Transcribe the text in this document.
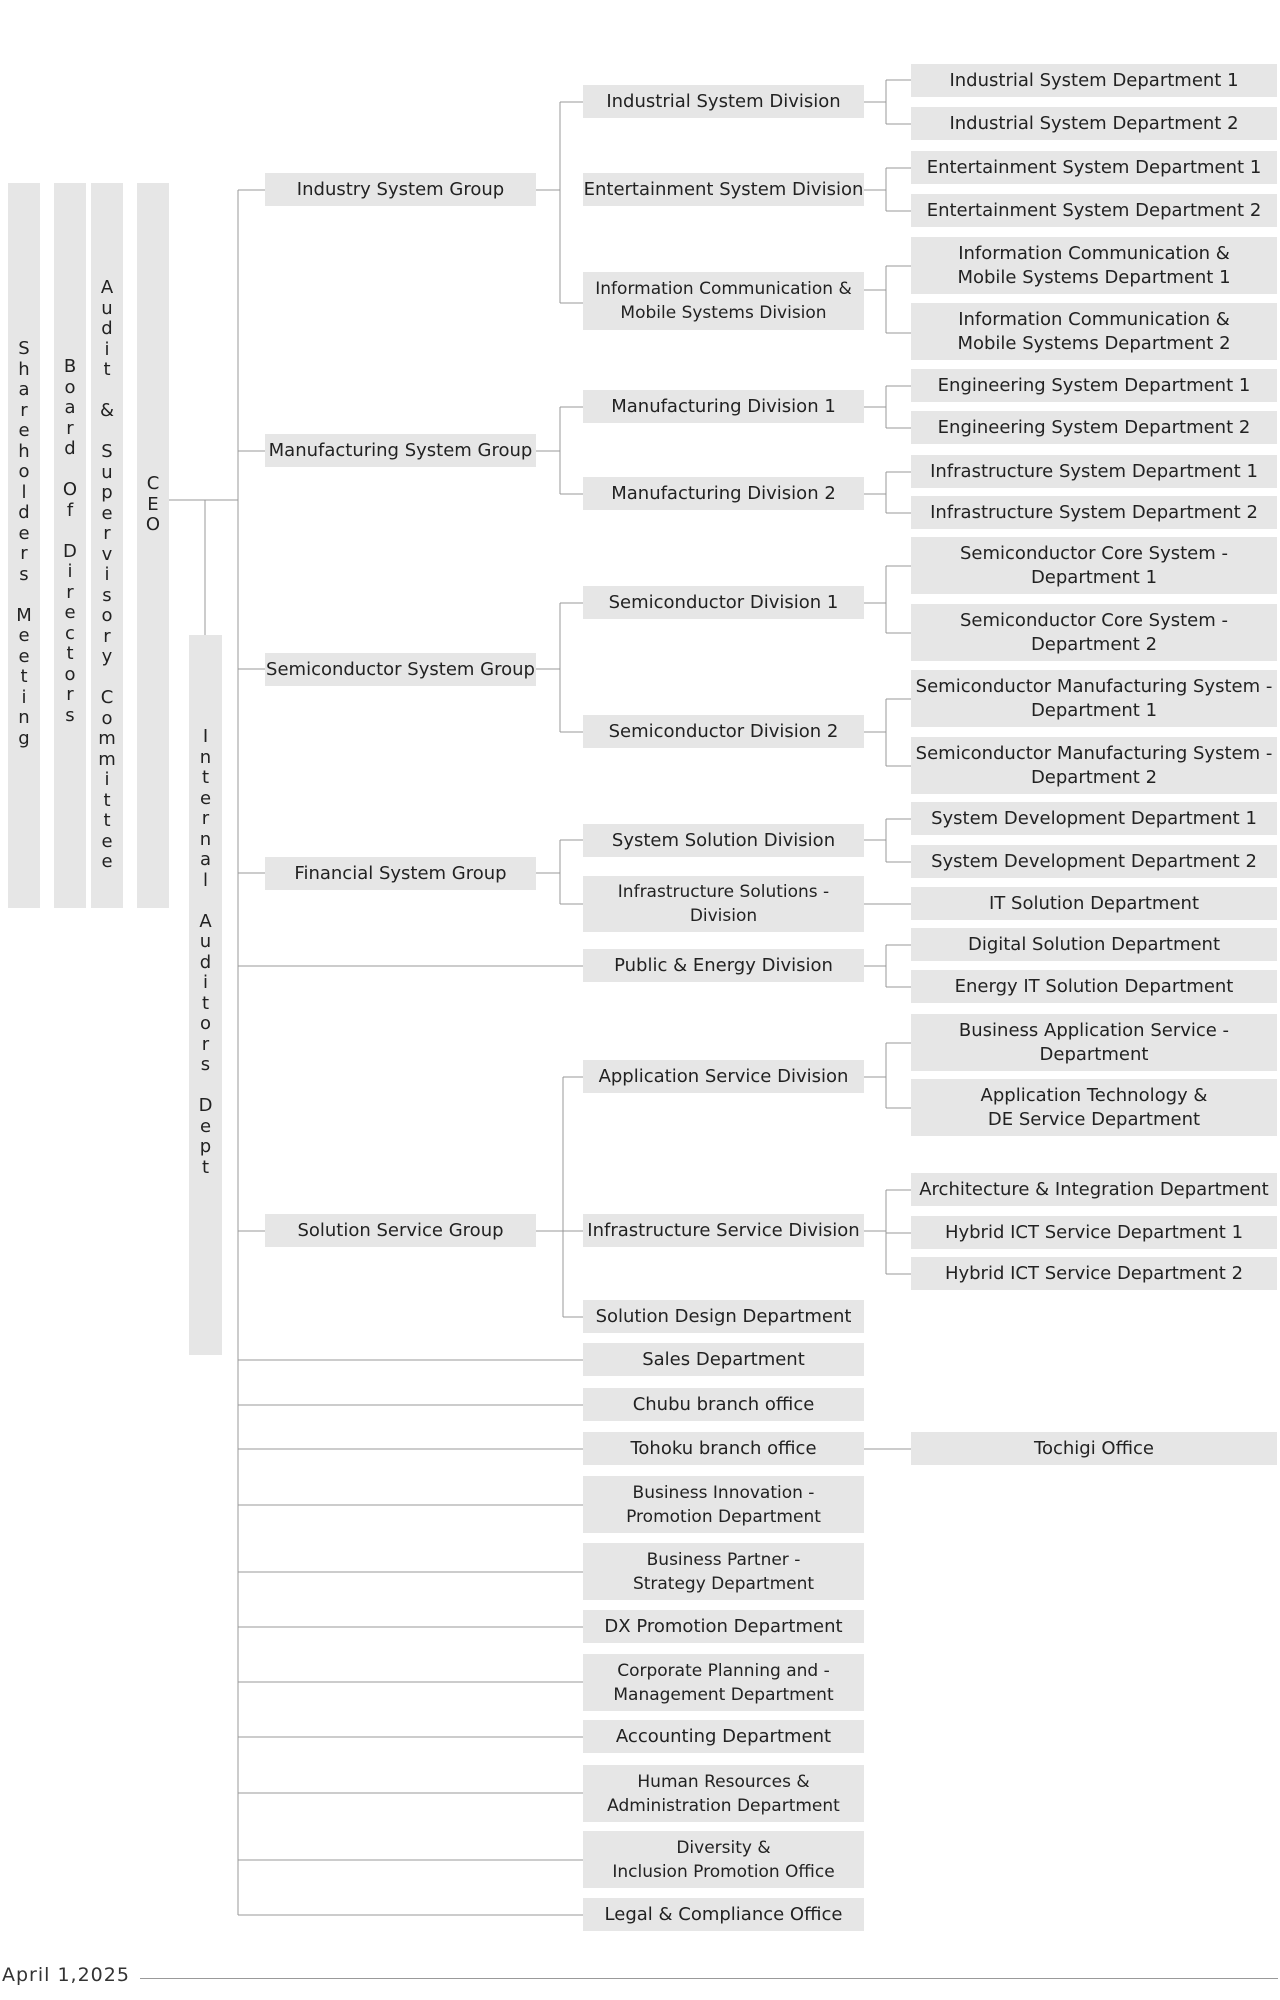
S
h
a
r
e
h
o
l
d
e
r
s

M
e
e
t
i
n
g
B
o
a
r
d

O
f

D
i
r
e
c
t
o
r
s
A
u
d
i
t

&

S
u
p
e
r
v
i
s
o
r
y

C
o
m
m
i
t
t
e
e
C
E
O
I
n
t
e
r
n
a
l

A
u
d
i
t
o
r
s

D
e
p
t
Industry System Group
Manufacturing System Group
Semiconductor System Group
Financial System Group
Solution Service Group
Industrial System Division
Entertainment System Division
Information Communication &
Mobile Systems Division
Manufacturing Division 1
Manufacturing Division 2
Semiconductor Division 1
Semiconductor Division 2
System Solution Division
Infrastructure Solutions -
Division
Public & Energy Division
Application Service Division
Infrastructure Service Division
Solution Design Department
Sales Department
Chubu branch office
Tohoku branch office
Business Innovation -
Promotion Department
Business Partner -
Strategy Department
DX Promotion Department
Corporate Planning and -
Management Department
Accounting Department
Human Resources &
Administration Department
Diversity &
Inclusion Promotion Office
Legal & Compliance Office
Industrial System Department 1
Industrial System Department 2
Entertainment System Department 1
Entertainment System Department 2
Information Communication &
Mobile Systems Department 1
Information Communication &
Mobile Systems Department 2
Engineering System Department 1
Engineering System Department 2
Infrastructure System Department 1
Infrastructure System Department 2
Semiconductor Core System -
Department 1
Semiconductor Core System -
Department 2
Semiconductor Manufacturing System -
Department 1
Semiconductor Manufacturing System -
Department 2
System Development Department 1
System Development Department 2
IT Solution Department
Digital Solution Department
Energy IT Solution Department
Business Application Service -
Department
Application Technology &
DE Service Department
Architecture & Integration Department
Hybrid ICT Service Department 1
Hybrid ICT Service Department 2
Tochigi Office
April 1,2025
